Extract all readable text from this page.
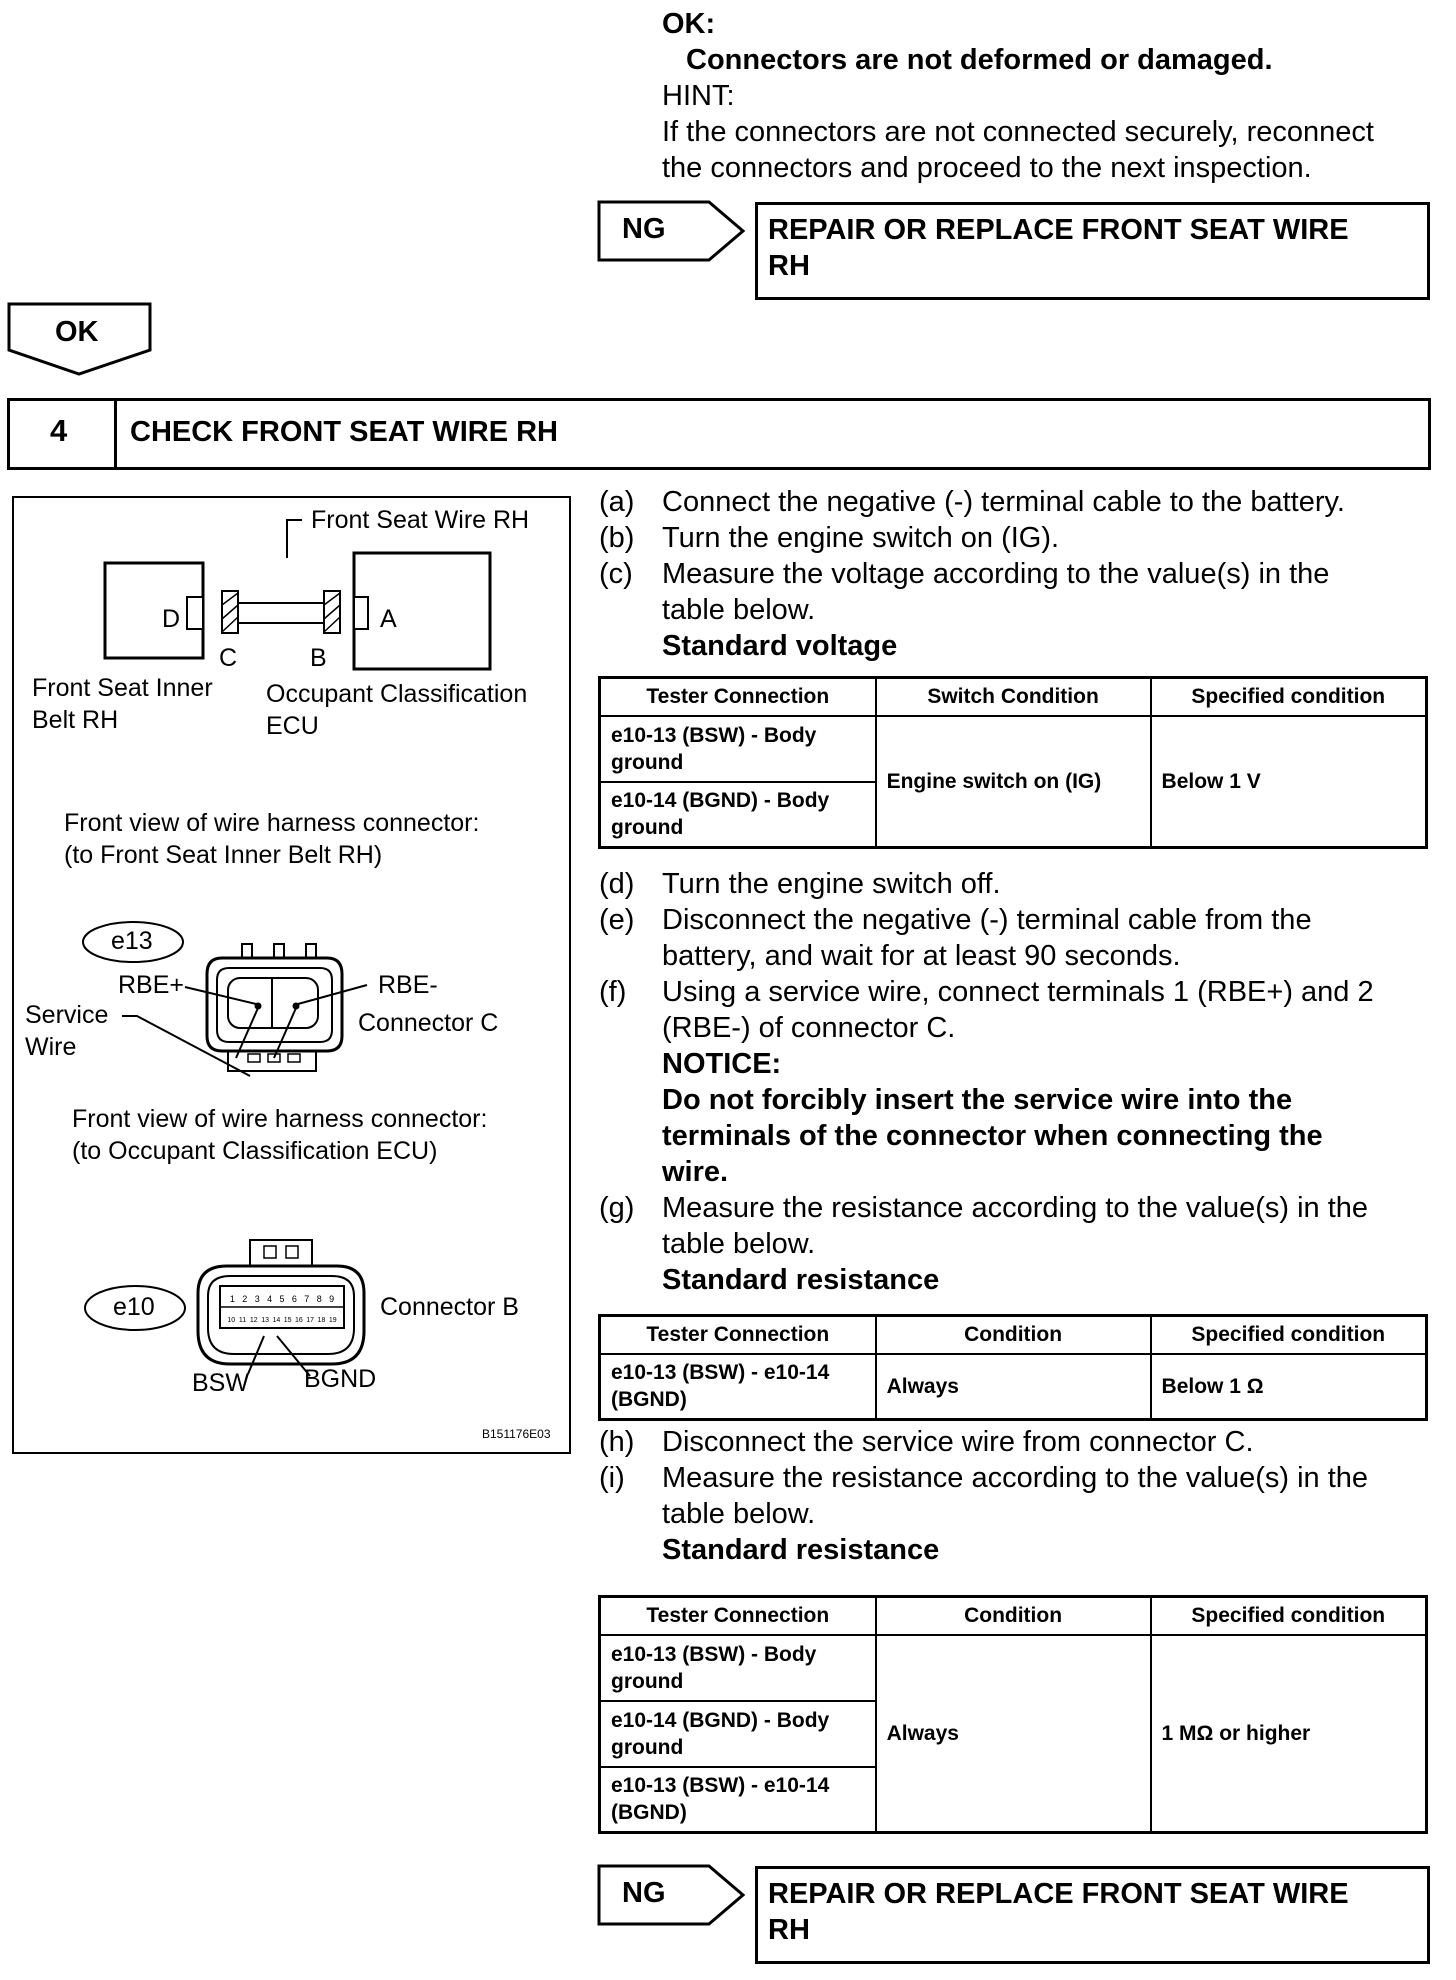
OK:
Connectors are not deformed or damaged.
HINT:
If the connectors are not connected securely, reconnect
the connectors and proceed to the next inspection.
NG	REPAIR OR REPLACE FRONT SEAT WIRE
RH
OK
4 CHECK FRONT SEAT WIRE RH
1 2 3 4 5 6 7 8 9
10 11 12 13 14 15 16 17 18 19
Front Seat Wire RH
D	A
C	B
Front Seat Inner
Belt RH
Occupant Classification
ECU
Front view of wire harness connector:
(to Front Seat Inner Belt RH)
e13
RBE+	RBE-
Connector C
Service
Wire
Front view of wire harness connector:
(to Occupant Classification ECU)
e10	Connector B
BSW BGND
B151176E03
(a) Connect the negative (-) terminal cable to the battery.
(b) Turn the engine switch on (IG).
(c) Measure the voltage according to the value(s) in the
table below.
Standard voltage
(d) Turn the engine switch off.
(e) Disconnect the negative (-) terminal cable from the
battery, and wait for at least 90 seconds.
(f) Using a service wire, connect terminals 1 (RBE+) and 2
(RBE-) of connector C.
NOTICE:
Do not forcibly insert the service wire into the
terminals of the connector when connecting the
wire.
(g) Measure the resistance according to the value(s) in the
table below.
Standard resistance
(h) Disconnect the service wire from connector C.
(i) Measure the resistance according to the value(s) in the
table below.
Standard resistance
Tester Connection	Switch Condition	Specified condition
e10-13 (BSW) - Body ground	Engine switch on (IG)	Below 1 V
e10-14 (BGND) - Body ground		
Tester Connection	Condition	Specified condition
e10-13 (BSW) - e10-14 (BGND)	Always	Below 1 Ω
Tester Connection	Condition	Specified condition
e10-13 (BSW) - Body ground	Always	1 MΩ or higher
e10-14 (BGND) - Body ground		
e10-13 (BSW) - e10-14 (BGND)		
NG	REPAIR OR REPLACE FRONT SEAT WIRE
RH
